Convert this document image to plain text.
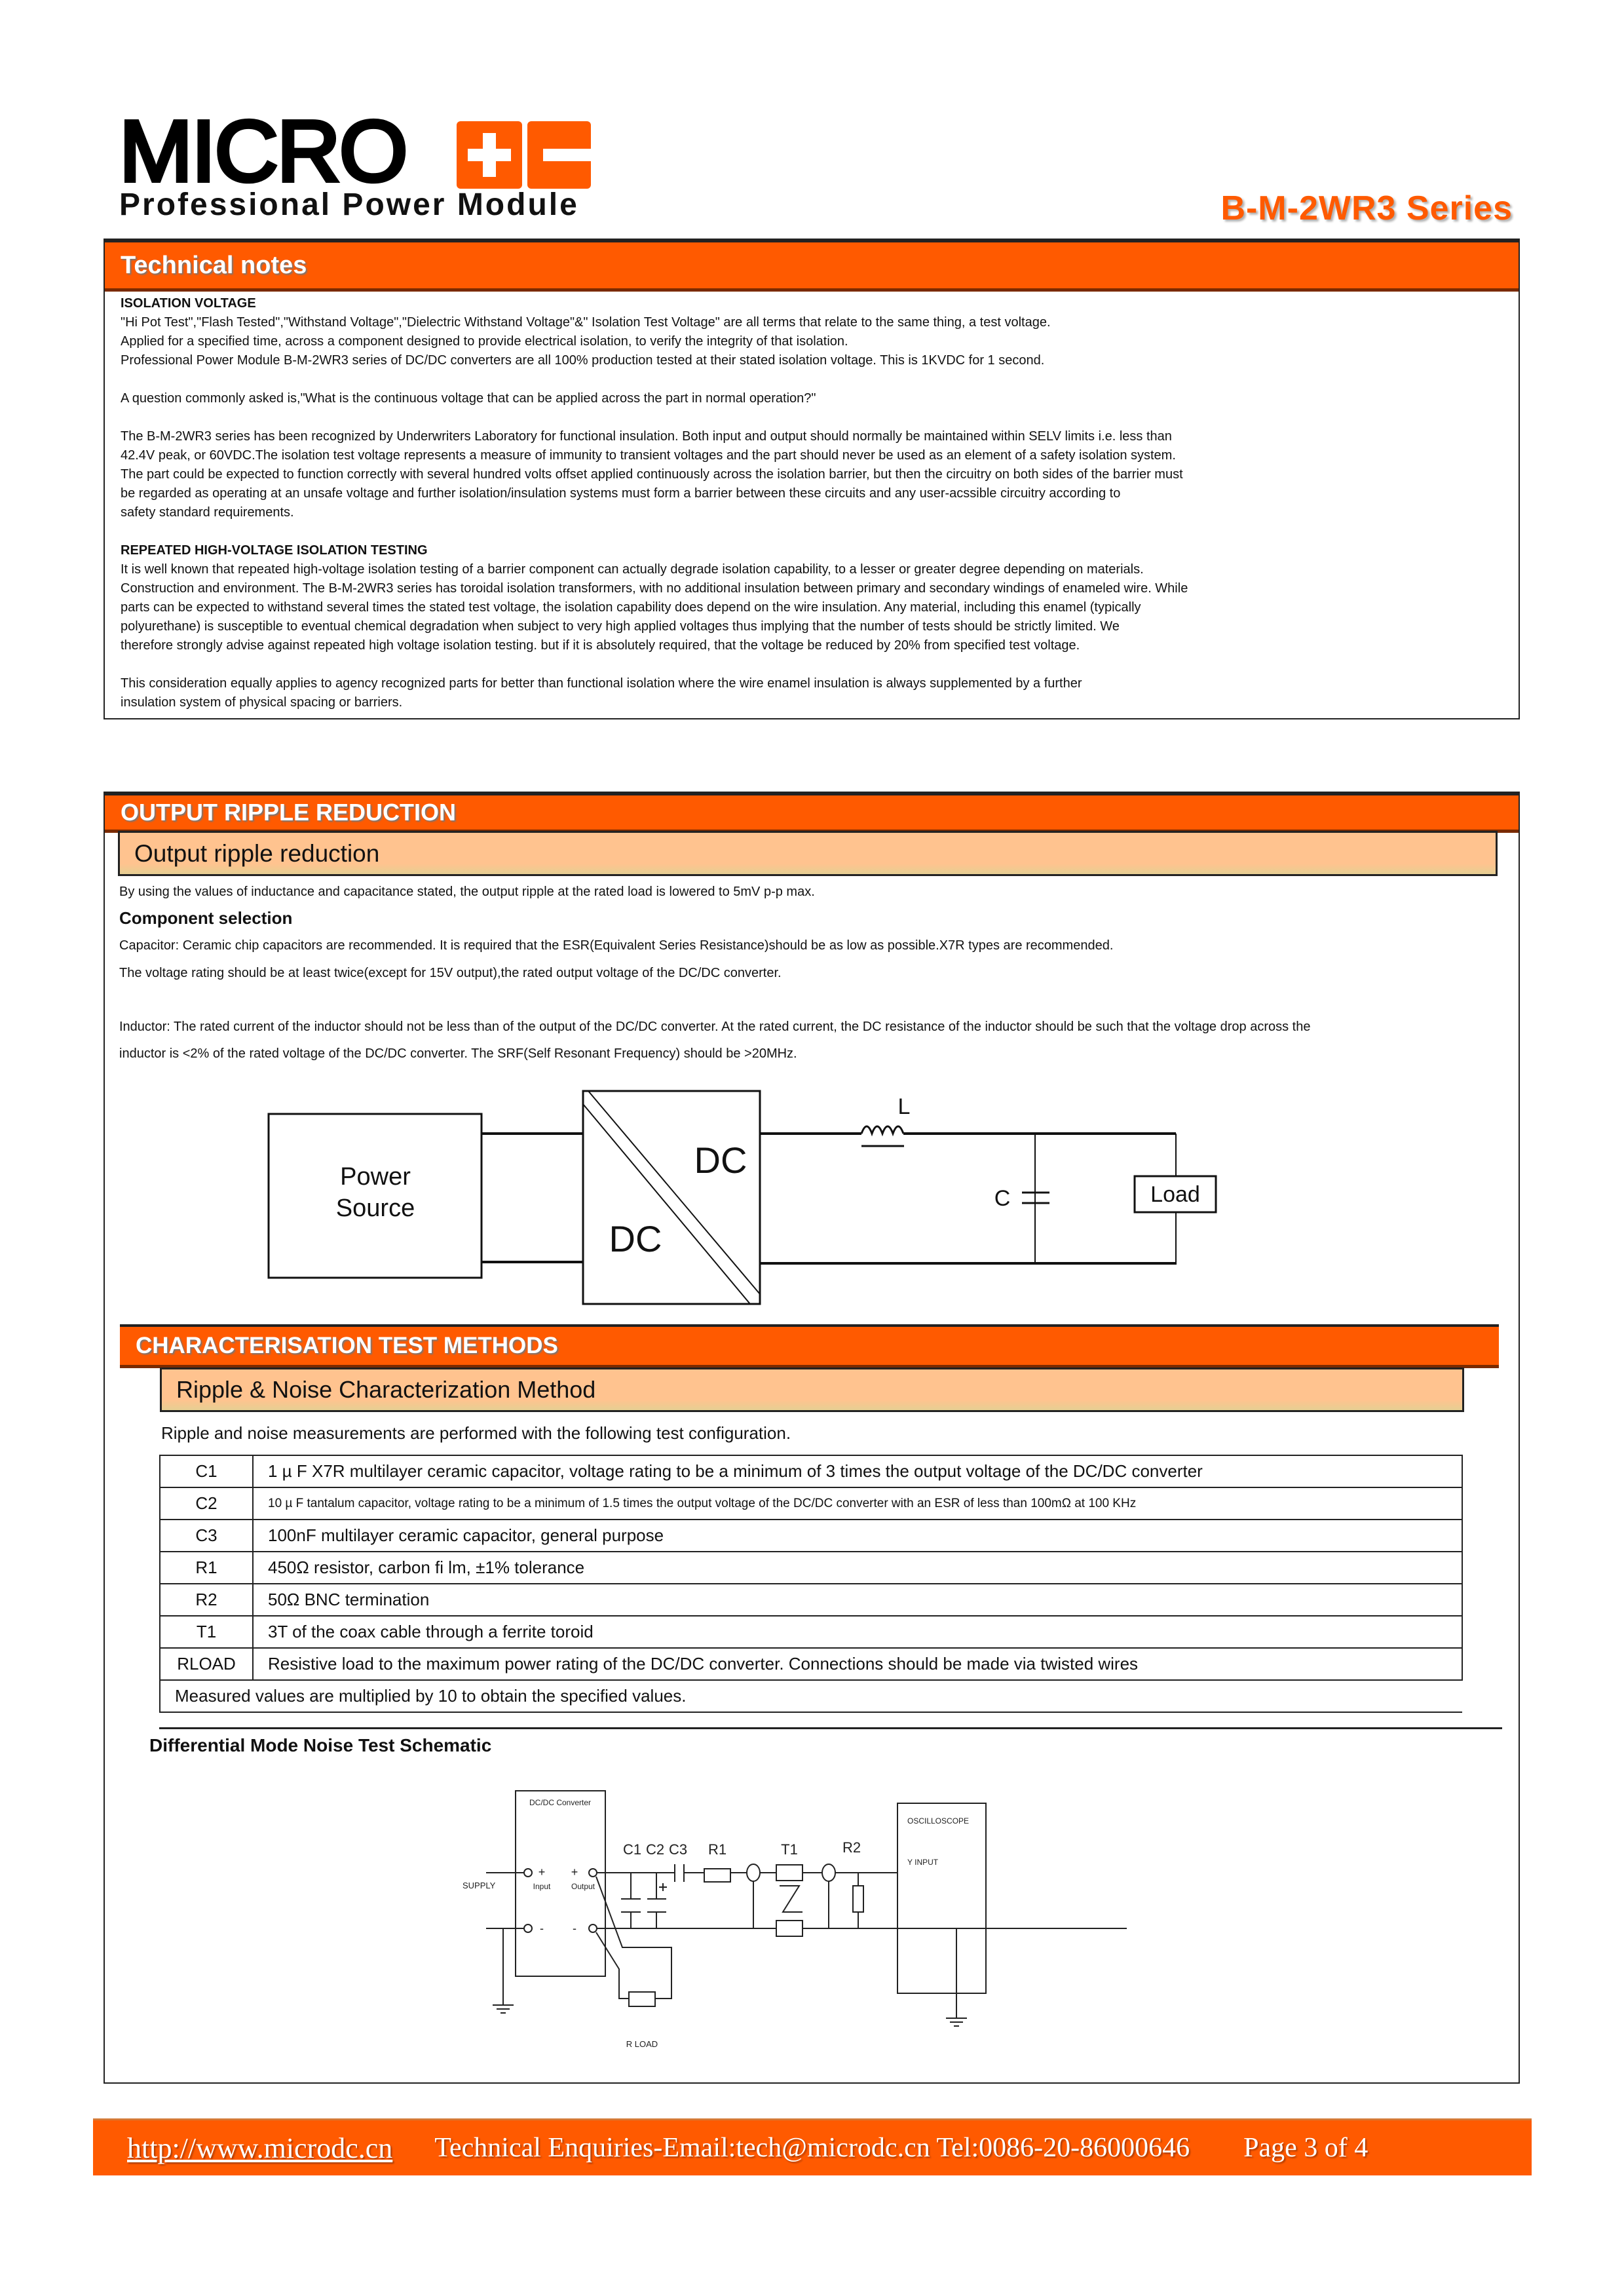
MICRO
Professional Power Module	B-M-2WR3 Series
Technical notes

ISOLATION VOLTAGE

"Hi Pot Test","Flash Tested","Withstand Voltage","Dielectric Withstand Voltage"&" Isolation Test Voltage" are all terms that relate to the same thing, a test voltage.

Applied for a specified time, across a component designed to provide electrical isolation, to verify the integrity of that isolation.

Professional Power Module B-M-2WR3 series of DC/DC converters are all 100% production tested at their stated isolation voltage. This is 1KVDC for 1 second.

A question commonly asked is,"What is the continuous voltage that can be applied across the part in normal operation?"

The B-M-2WR3 series has been recognized by Underwriters Laboratory for functional insulation. Both input and output should normally be maintained within SELV limits i.e. less than

42.4V peak, or 60VDC.The isolation test voltage represents a measure of immunity to transient voltages and the part should never be used as an element of a safety isolation system.

The part could be expected to function correctly with several hundred volts offset applied continuously across the isolation barrier, but then the circuitry on both sides of the barrier must

be regarded as operating at an unsafe voltage and further isolation/insulation systems must form a barrier between these circuits and any user-acssible circuitry according to

safety standard requirements.

REPEATED HIGH-VOLTAGE ISOLATION TESTING

It is well known that repeated high-voltage isolation testing of a barrier component can actually degrade isolation capability, to a lesser or greater degree depending on materials.

Construction and environment. The B-M-2WR3 series has toroidal isolation transformers, with no additional insulation between primary and secondary windings of enameled wire. While

parts can be expected to withstand several times the stated test voltage, the isolation capability does depend on the wire insulation. Any material, including this enamel (typically

polyurethane) is susceptible to eventual chemical degradation when subject to very high applied voltages thus implying that the number of tests should be strictly limited. We

therefore strongly advise against repeated high voltage isolation testing. but if it is absolutely required, that the voltage be reduced by 20% from specified test voltage.

This consideration equally applies to agency recognized parts for better than functional isolation where the wire enamel insulation is always supplemented by a further

insulation system of physical spacing or barriers.

OUTPUT RIPPLE REDUCTION
Output ripple reduction
By using the values of inductance and capacitance stated, the output ripple at the rated load is lowered to 5mV p-p max.
Component selection
Capacitor: Ceramic chip capacitors are recommended. It is required that the ESR(Equivalent Series Resistance)should be as low as possible.X7R types are recommended.
The voltage rating should be at least twice(except for 15V output),the rated output voltage of the DC/DC converter.
Inductor: The rated current of the inductor should not be less than of the output of the DC/DC converter. At the rated current, the DC resistance of the inductor should be such that the voltage drop across the
inductor is <2% of the rated voltage of the DC/DC converter. The SRF(Self Resonant Frequency) should be >20MHz.
Power
Source
DC
DC
L
C	Load
CHARACTERISATION TEST METHODS
Ripple & Noise Characterization Method
Ripple and noise measurements are performed with the following test configuration.
C1	1 µ F X7R multilayer ceramic capacitor, voltage rating to be a minimum of 3 times the output voltage of the DC/DC converter
C2	10 µ F tantalum capacitor, voltage rating to be a minimum of 1.5 times the output voltage of the DC/DC converter with an ESR of less than 100mΩ at 100 KHz
C3	100nF multilayer ceramic capacitor, general purpose
R1	450Ω resistor, carbon fi lm, ±1% tolerance
R2	50Ω BNC termination
T1	3T of the coax cable through a ferrite toroid
RLOAD	Resistive load to the maximum power rating of the DC/DC converter. Connections should be made via twisted wires
Measured values are multiplied by 10 to obtain the specified values.	
Differential Mode Noise Test Schematic
DC/DC Converter
SUPPLY	Input	Output
+ +
- -
C1 C2 C3 R1	T1	R2
OSCILLOSCOPE
Y INPUT
R LOAD
http://www.microdc.cn Technical Enquiries-Email:tech@microdc.cn Tel:0086-20-86000646 Page 3 of 4
